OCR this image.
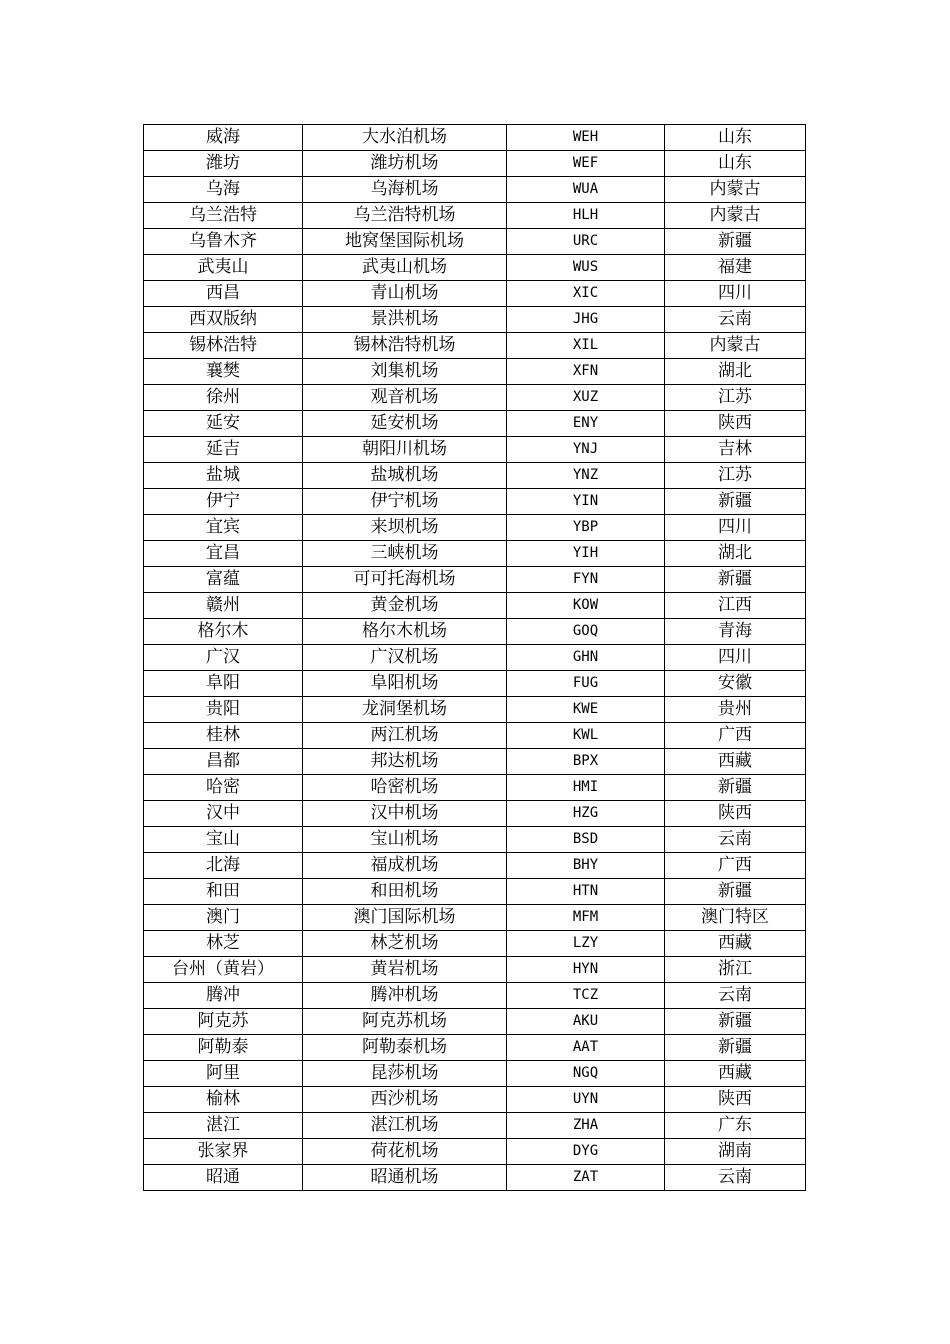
威海	大水泊机场	WEH	山东
潍坊	潍坊机场	WEF	山东
乌海	乌海机场	WUA	内蒙古
乌兰浩特	乌兰浩特机场	HLH	内蒙古
乌鲁木齐	地窝堡国际机场	URC	新疆
武夷山	武夷山机场	WUS	福建
西昌	青山机场	XIC	四川
西双版纳	景洪机场	JHG	云南
锡林浩特	锡林浩特机场	XIL	内蒙古
襄樊	刘集机场	XFN	湖北
徐州	观音机场	XUZ	江苏
延安	延安机场	ENY	陕西
延吉	朝阳川机场	YNJ	吉林
盐城	盐城机场	YNZ	江苏
伊宁	伊宁机场	YIN	新疆
宜宾	来坝机场	YBP	四川
宜昌	三峡机场	YIH	湖北
富蕴	可可托海机场	FYN	新疆
赣州	黄金机场	KOW	江西
格尔木	格尔木机场	GOQ	青海
广汉	广汉机场	GHN	四川
阜阳	阜阳机场	FUG	安徽
贵阳	龙洞堡机场	KWE	贵州
桂林	两江机场	KWL	广西
昌都	邦达机场	BPX	西藏
哈密	哈密机场	HMI	新疆
汉中	汉中机场	HZG	陕西
宝山	宝山机场	BSD	云南
北海	福成机场	BHY	广西
和田	和田机场	HTN	新疆
澳门	澳门国际机场	MFM	澳门特区
林芝	林芝机场	LZY	西藏
台州（黄岩）	黄岩机场	HYN	浙江
腾冲	腾冲机场	TCZ	云南
阿克苏	阿克苏机场	AKU	新疆
阿勒泰	阿勒泰机场	AAT	新疆
阿里	昆莎机场	NGQ	西藏
榆林	西沙机场	UYN	陕西
湛江	湛江机场	ZHA	广东
张家界	荷花机场	DYG	湖南
昭通	昭通机场	ZAT	云南
